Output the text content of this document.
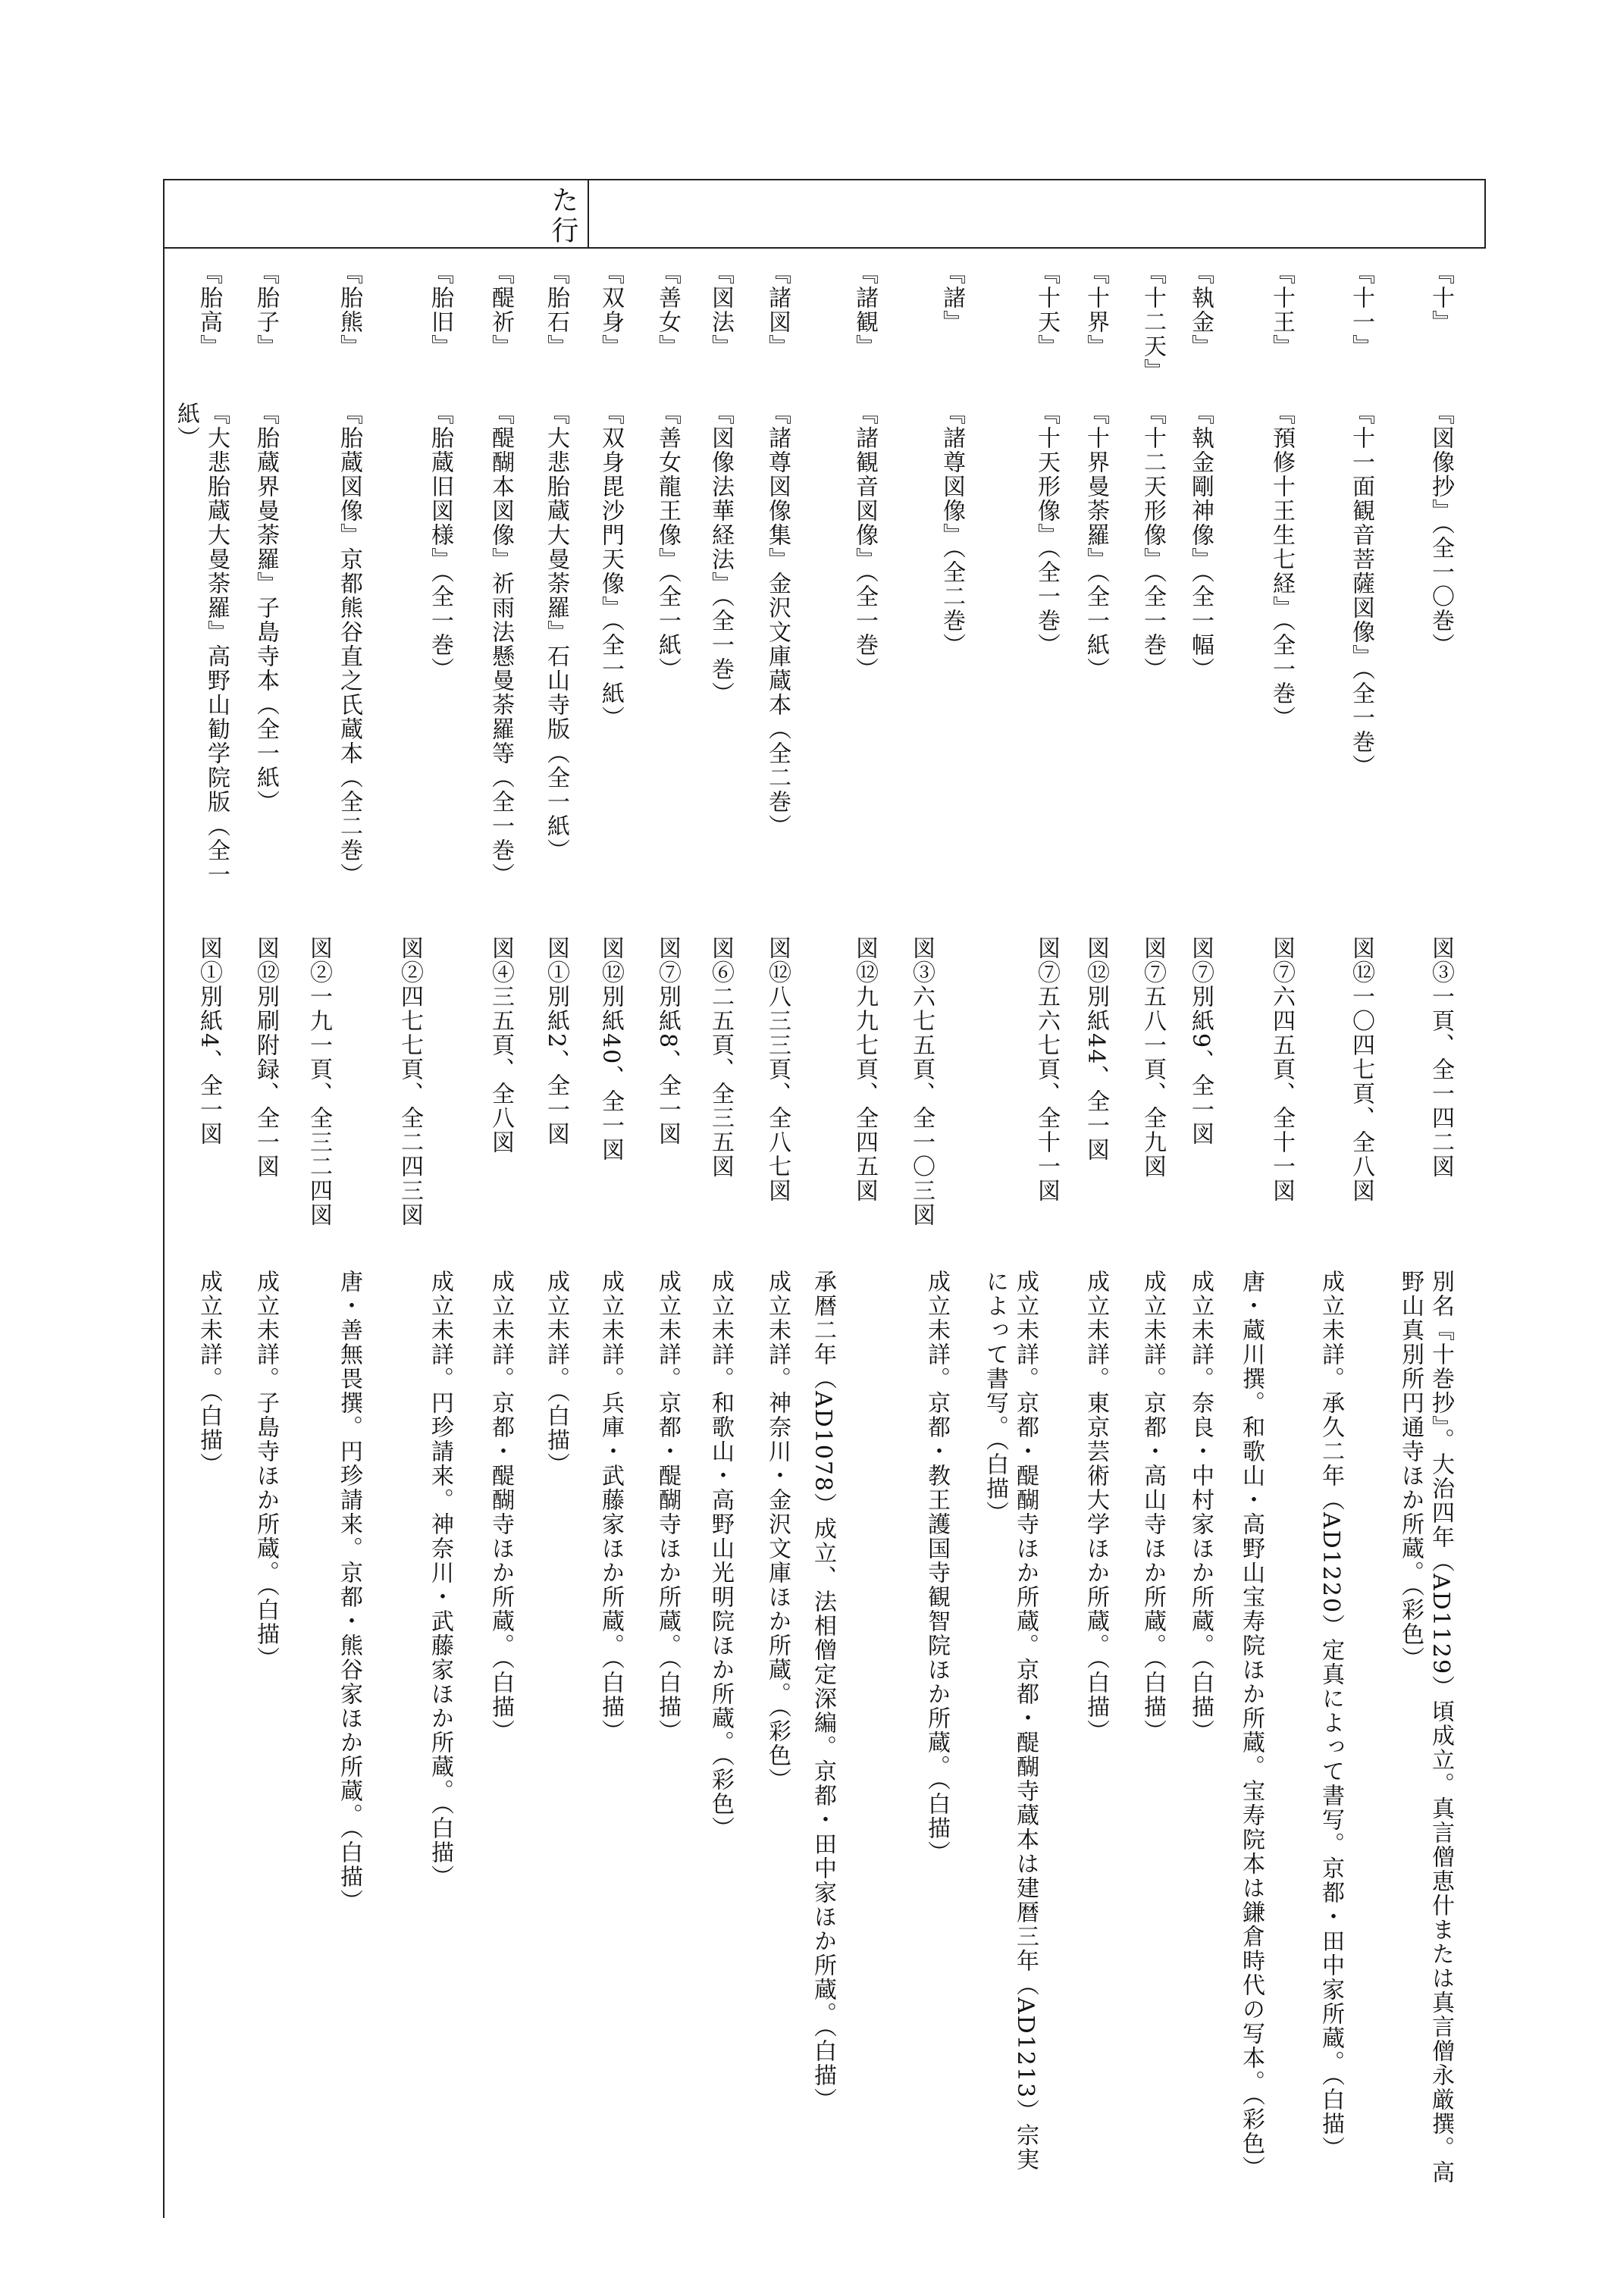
た行
『十』
『図像抄』（全一〇巻）
図③一頁、全一四二図
別名『十巻抄』。大治四年（AD1129）頃成立。真言僧恵什または真言僧永厳撰。高野山真別所円通寺ほか所蔵。（彩色）
『十一』
『十一面観音菩薩図像』（全一巻）
図⑫一〇四七頁、全八図
成立未詳。承久二年（AD1220）定真によって書写。京都・田中家所蔵。（白描）
『十王』
『預修十王生七経』（全一巻）
図⑦六四五頁、全十一図
唐・蔵川撰。和歌山・高野山宝寿院ほか所蔵。宝寿院本は鎌倉時代の写本。（彩色）
『執金』
『執金剛神像』（全一幅）
図⑦別紙9、全一図
成立未詳。奈良・中村家ほか所蔵。（白描）
『十二天』
『十二天形像』（全一巻）
図⑦五八一頁、全九図
成立未詳。京都・高山寺ほか所蔵。（白描）
『十界』
『十界曼荼羅』（全一紙）
図⑫別紙44、全一図
成立未詳。東京芸術大学ほか所蔵。（白描）
『十天』
『十天形像』（全一巻）
図⑦五六七頁、全十一図
成立未詳。京都・醍醐寺ほか所蔵。京都・醍醐寺蔵本は建暦三年（AD1213）宗実によって書写。（白描）
『諸』
『諸尊図像』（全二巻）
図③六七五頁、全一〇三図
成立未詳。京都・教王護国寺観智院ほか所蔵。（白描）
『諸観』
『諸観音図像』（全一巻）
図⑫九九七頁、全四五図
承暦二年（AD1078）成立、法相僧定深編。京都・田中家ほか所蔵。（白描）
『諸図』
『諸尊図像集』金沢文庫蔵本（全二巻）
図⑫八三三頁、全八七図
成立未詳。神奈川・金沢文庫ほか所蔵。（彩色）
『図法』
『図像法華経法』（全一巻）
図⑥二五頁、全三五図
成立未詳。和歌山・高野山光明院ほか所蔵。（彩色）
『善女』
『善女龍王像』（全一紙）
図⑦別紙8、全一図
成立未詳。京都・醍醐寺ほか所蔵。（白描）
『双身』
『双身毘沙門天像』（全一紙）
図⑫別紙40、全一図
成立未詳。兵庫・武藤家ほか所蔵。（白描）
『胎石』
『大悲胎蔵大曼荼羅』石山寺版（全一紙）
図①別紙2、全一図
成立未詳。（白描）
『醍祈』
『醍醐本図像』祈雨法懸曼荼羅等（全一巻）
図④三五頁、全八図
成立未詳。京都・醍醐寺ほか所蔵。（白描）
『胎旧』
『胎蔵旧図様』（全一巻）
図②四七七頁、全二四三図
成立未詳。円珍請来。神奈川・武藤家ほか所蔵。（白描）
『胎熊』
『胎蔵図像』京都熊谷直之氏蔵本（全二巻）
図②一九一頁、全三二四図
唐・善無畏撰。円珍請来。京都・熊谷家ほか所蔵。（白描）
『胎子』
『胎蔵界曼荼羅』子島寺本（全一紙）
図⑫別刷附録、全一図
成立未詳。子島寺ほか所蔵。（白描）
『胎高』
『大悲胎蔵大曼荼羅』高野山勧学院版（全一紙）
図①別紙4、全一図
成立未詳。（白描）
